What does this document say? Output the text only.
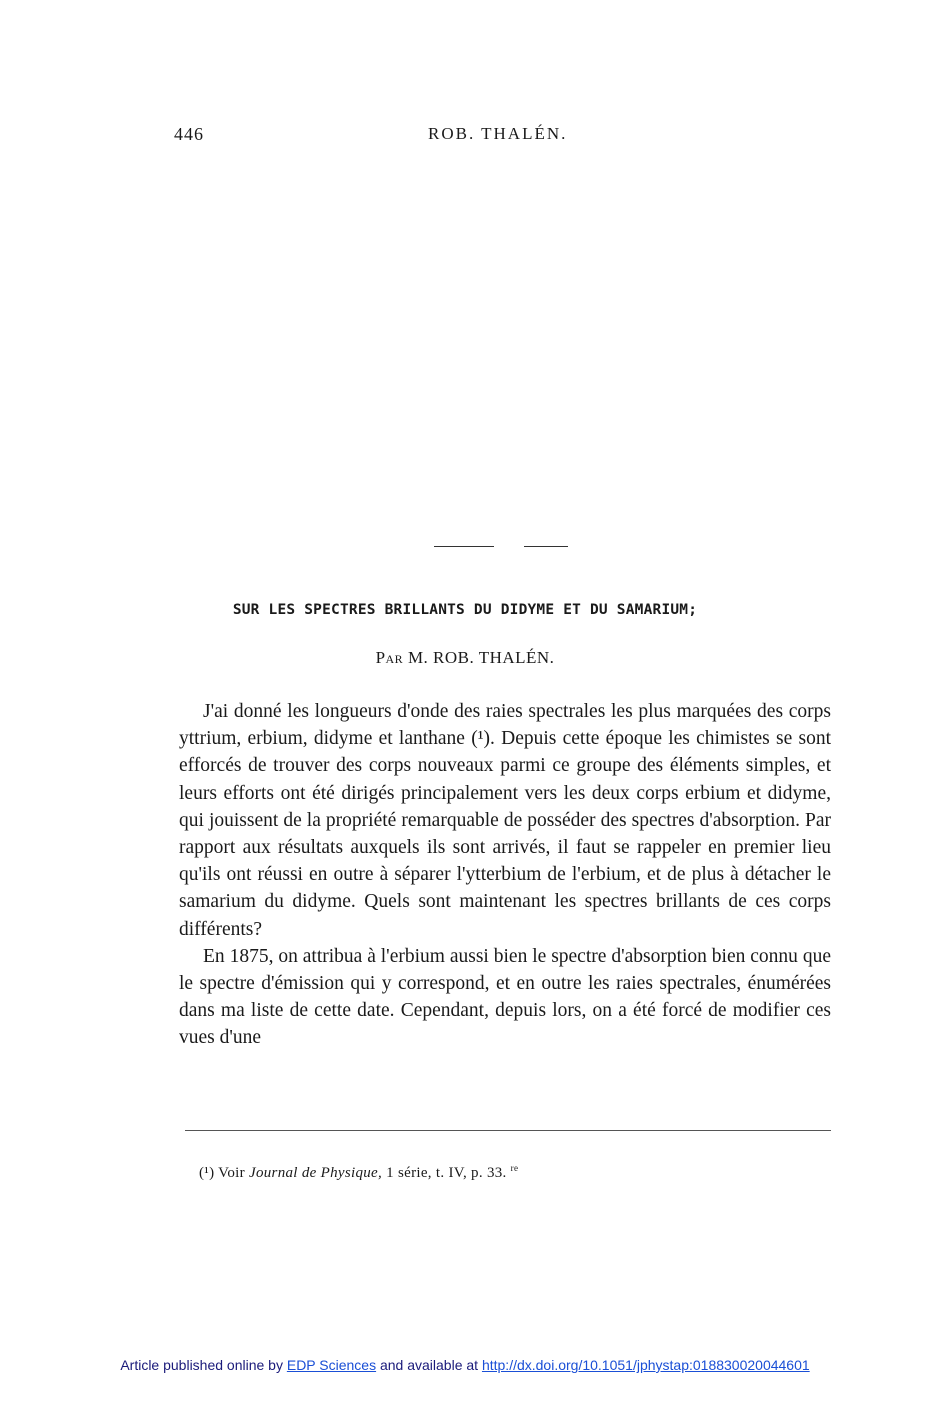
446	ROB. THALÉN.
SUR LES SPECTRES BRILLANTS DU DIDYME ET DU SAMARIUM;
Par M. ROB. THALÉN.

J'ai donné les longueurs d'onde des raies spectrales les plus marquées des corps yttrium, erbium, didyme et lanthane (¹). Depuis cette époque les chimistes se sont efforcés de trouver des corps nouveaux parmi ce groupe des éléments simples, et leurs efforts ont été dirigés principalement vers les deux corps erbium et didyme, qui jouissent de la propriété remarquable de posséder des spectres d'absorption. Par rapport aux résultats auxquels ils sont arrivés, il faut se rappeler en premier lieu qu'ils ont réussi en outre à séparer l'ytterbium de l'erbium, et de plus à détacher le samarium du didyme. Quels sont maintenant les spectres brillants de ces corps différents?

En 1875, on attribua à l'erbium aussi bien le spectre d'absorption bien connu que le spectre d'émission qui y correspond, et en outre les raies spectrales, énumérées dans ma liste de cette date. Cependant, depuis lors, on a été forcé de modifier ces vues d'une

(¹) Voir Journal de Physique, 1 série, t. IV, p. 33. $^{re}$
Article published online by EDP Sciences and available at http://dx.doi.org/10.1051/jphystap:018830020044601
